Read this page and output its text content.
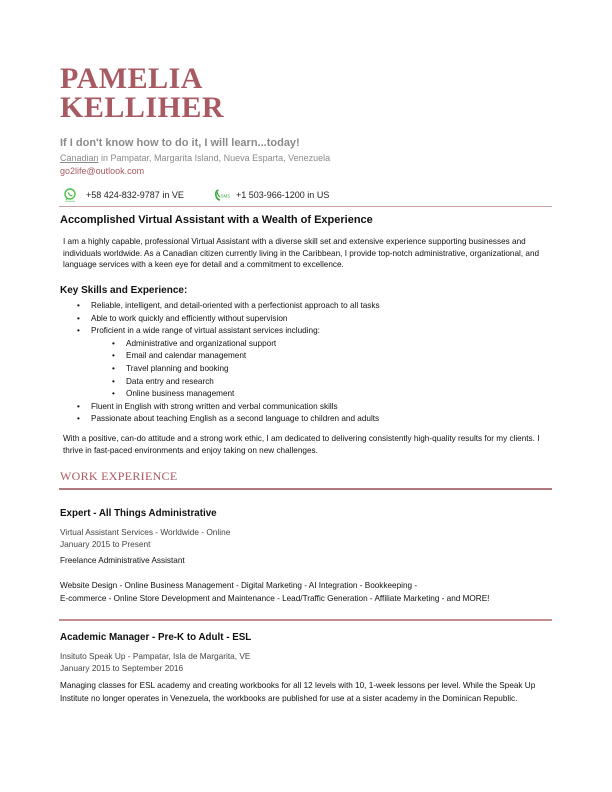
PAMELIA
KELLIHER
If I don't know how to do it, I will learn...today!
Canadian in Pampatar, Margarita Island, Nueva Esparta, Venezuela
go2life@outlook.com
+58 424-832-9787 in VE	SMS +1 503-966-1200 in US
Accomplished Virtual Assistant with a Wealth of Experience
I am a highly capable, professional Virtual Assistant with a diverse skill set and extensive experience supporting businesses and individuals worldwide. As a Canadian citizen currently living in the Caribbean, I provide top-notch administrative, organizational, and language services with a keen eye for detail and a commitment to excellence.
Key Skills and Experience:
• Reliable, intelligent, and detail-oriented with a perfectionist approach to all tasks
• Able to work quickly and efficiently without supervision
• Proficient in a wide range of virtual assistant services including:
• Administrative and organizational support
• Email and calendar management
• Travel planning and booking
• Data entry and research
• Online business management
• Fluent in English with strong written and verbal communication skills
• Passionate about teaching English as a second language to children and adults
With a positive, can-do attitude and a strong work ethic, I am dedicated to delivering consistently high-quality results for my clients. I thrive in fast-paced environments and enjoy taking on new challenges.
WORK EXPERIENCE
Expert - All Things Administrative
Virtual Assistant Services - Worldwide - Online
January 2015 to Present
Freelance Administrative Assistant
Website Design - Online Business Management - Digital Marketing - AI Integration - Bookkeeping -
E-commerce - Online Store Development and Maintenance - Lead/Traffic Generation - Affiliate Marketing - and MORE!
Academic Manager - Pre-K to Adult - ESL
Insituto Speak Up - Pampatar, Isla de Margarita, VE
January 2015 to September 2016
Managing classes for ESL academy and creating workbooks for all 12 levels with 10, 1-week lessons per level. While the Speak Up Institute no longer operates in Venezuela, the workbooks are published for use at a sister academy in the Dominican Republic.
